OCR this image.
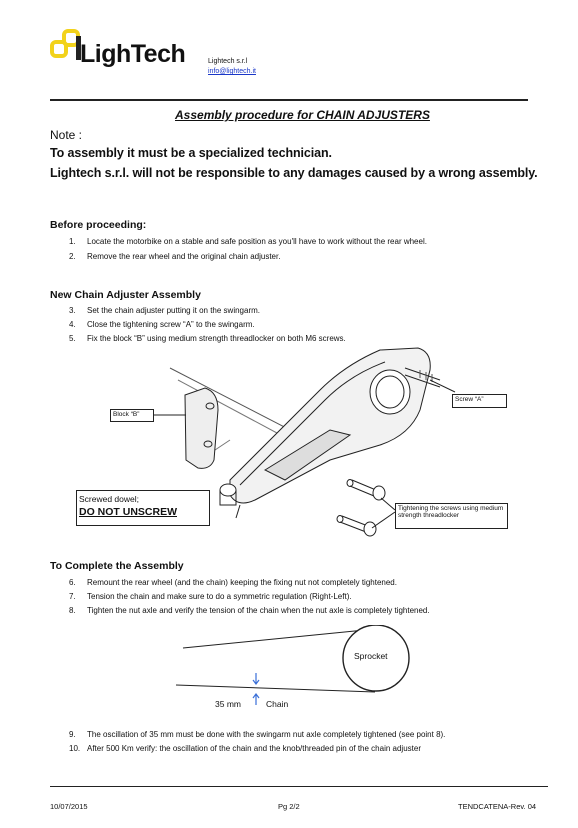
LighTech	Lightech s.r.l
info@lightech.it
Assembly procedure for CHAIN ADJUSTERS
Note :
To assembly it must be a specialized technician.
Lightech s.r.l. will not be responsible to any damages caused by a wrong assembly.
Before proceeding:
1. Locate the motorbike on a stable and safe position as you'll have to work without the rear wheel.
2. Remove the rear wheel and the original chain adjuster.
New Chain Adjuster Assembly
3. Set the chain adjuster putting it on the swingarm.
4. Close the tightening screw “A” to the swingarm.
5. Fix the block “B” using medium strength threadlocker on both M6 screws.
Block “B”
Screw “A”
Screwed dowel;
DO NOT UNSCREW	Tightening the screws using medium
strength threadlocker
To Complete the Assembly
6. Remount the rear wheel (and the chain) keeping the fixing nut not completely tightened.
7. Tension the chain and make sure to do a symmetric regulation (Right-Left).
8. Tighten the nut axle and verify the tension of the chain when the nut axle is completely tightened.
Sprocket
35 mm	Chain
9. The oscillation of 35 mm must be done with the swingarm nut axle completely tightened (see point 8).
10. After 500 Km verify: the oscillation of the chain and the knob/threaded pin of the chain adjuster
10/07/2015	Pg 2/2	TENDCATENA-Rev. 04
